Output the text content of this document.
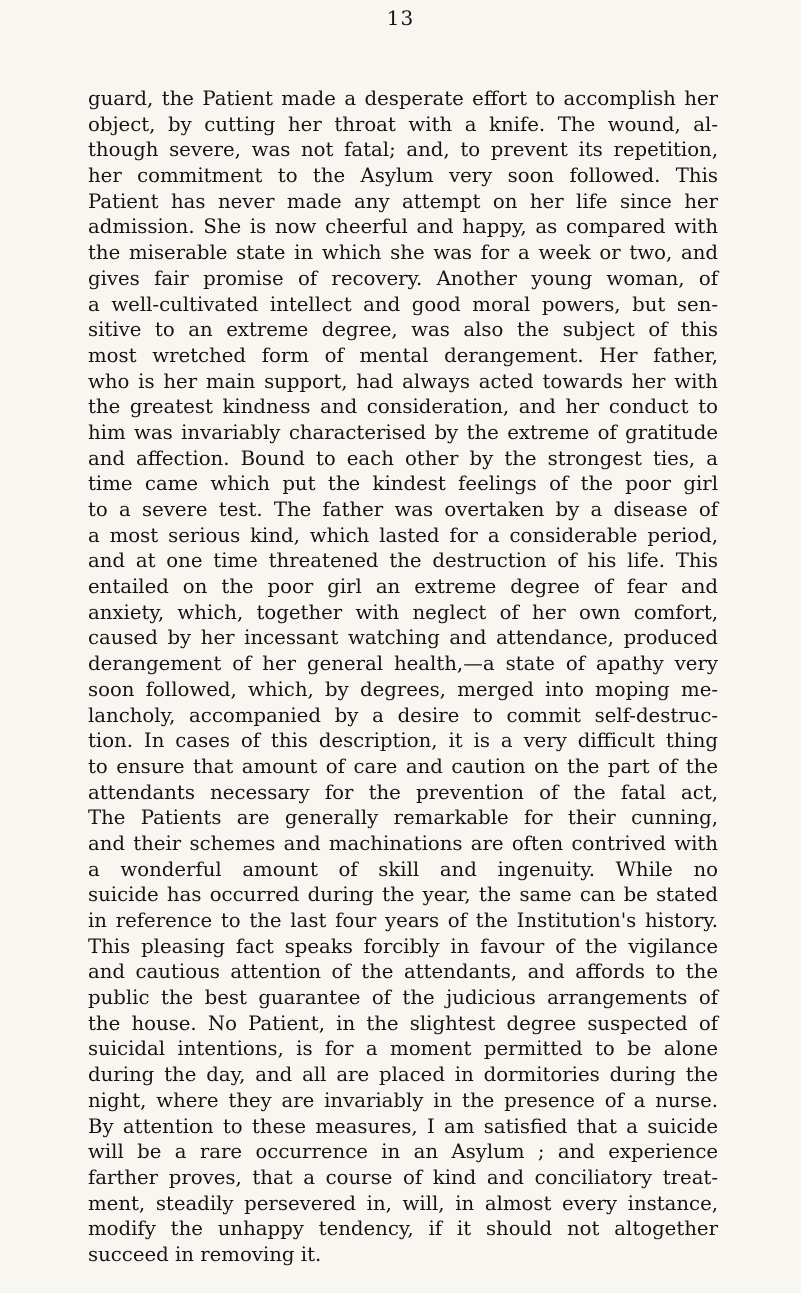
13
guard, the Patient made a desperate effort to accomplish her
object, by cutting her throat with a knife. The wound, al-
though severe, was not fatal; and, to prevent its repetition,
her commitment to the Asylum very soon followed. This
Patient has never made any attempt on her life since her
admission. She is now cheerful and happy, as compared with
the miserable state in which she was for a week or two, and
gives fair promise of recovery. Another young woman, of
a well-cultivated intellect and good moral powers, but sen-
sitive to an extreme degree, was also the subject of this
most wretched form of mental derangement. Her father,
who is her main support, had always acted towards her with
the greatest kindness and consideration, and her conduct to
him was invariably characterised by the extreme of gratitude
and affection. Bound to each other by the strongest ties, a
time came which put the kindest feelings of the poor girl
to a severe test. The father was overtaken by a disease of
a most serious kind, which lasted for a considerable period,
and at one time threatened the destruction of his life. This
entailed on the poor girl an extreme degree of fear and
anxiety, which, together with neglect of her own comfort,
caused by her incessant watching and attendance, produced
derangement of her general health,—a state of apathy very
soon followed, which, by degrees, merged into moping me-
lancholy, accompanied by a desire to commit self-destruc-
tion. In cases of this description, it is a very difficult thing
to ensure that amount of care and caution on the part of the
attendants necessary for the prevention of the fatal act,
The Patients are generally remarkable for their cunning,
and their schemes and machinations are often contrived with
a wonderful amount of skill and ingenuity. While no
suicide has occurred during the year, the same can be stated
in reference to the last four years of the Institution's history.
This pleasing fact speaks forcibly in favour of the vigilance
and cautious attention of the attendants, and affords to the
public the best guarantee of the judicious arrangements of
the house. No Patient, in the slightest degree suspected of
suicidal intentions, is for a moment permitted to be alone
during the day, and all are placed in dormitories during the
night, where they are invariably in the presence of a nurse.
By attention to these measures, I am satisfied that a suicide
will be a rare occurrence in an Asylum ; and experience
farther proves, that a course of kind and conciliatory treat-
ment, steadily persevered in, will, in almost every instance,
modify the unhappy tendency, if it should not altogether
succeed in removing it.
